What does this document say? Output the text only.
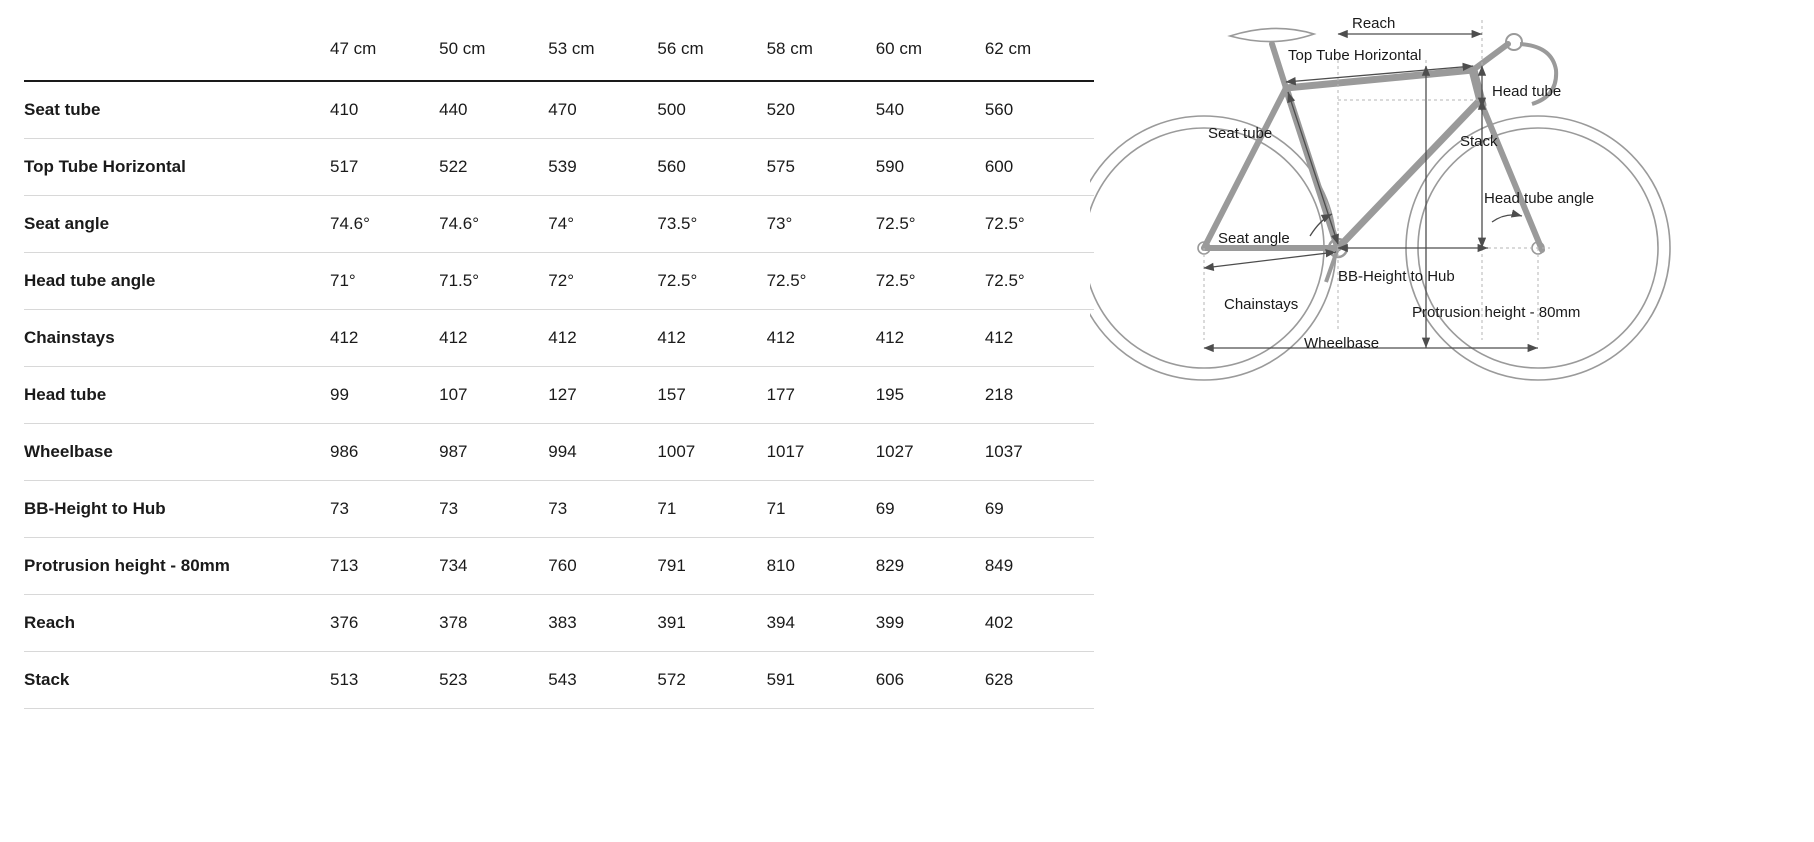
	47 cm	50 cm	53 cm	56 cm	58 cm	60 cm	62 cm
Seat tube	410	440	470	500	520	540	560
Top Tube Horizontal	517	522	539	560	575	590	600
Seat angle	74.6°	74.6°	74°	73.5°	73°	72.5°	72.5°
Head tube angle	71°	71.5°	72°	72.5°	72.5°	72.5°	72.5°
Chainstays	412	412	412	412	412	412	412
Head tube	99	107	127	157	177	195	218
Wheelbase	986	987	994	1007	1017	1027	1037
BB-Height to Hub	73	73	73	71	71	69	69
Protrusion height - 80mm	713	734	760	791	810	829	849
Reach	376	378	383	391	394	399	402
Stack	513	523	543	572	591	606	628
Reach
Top Tube Horizontal
Head tube
Seat tube	Stack
Seat angle
Head tube angle
BB-Height to Hub
Chainstays	Protrusion height - 80mm
Wheelbase
